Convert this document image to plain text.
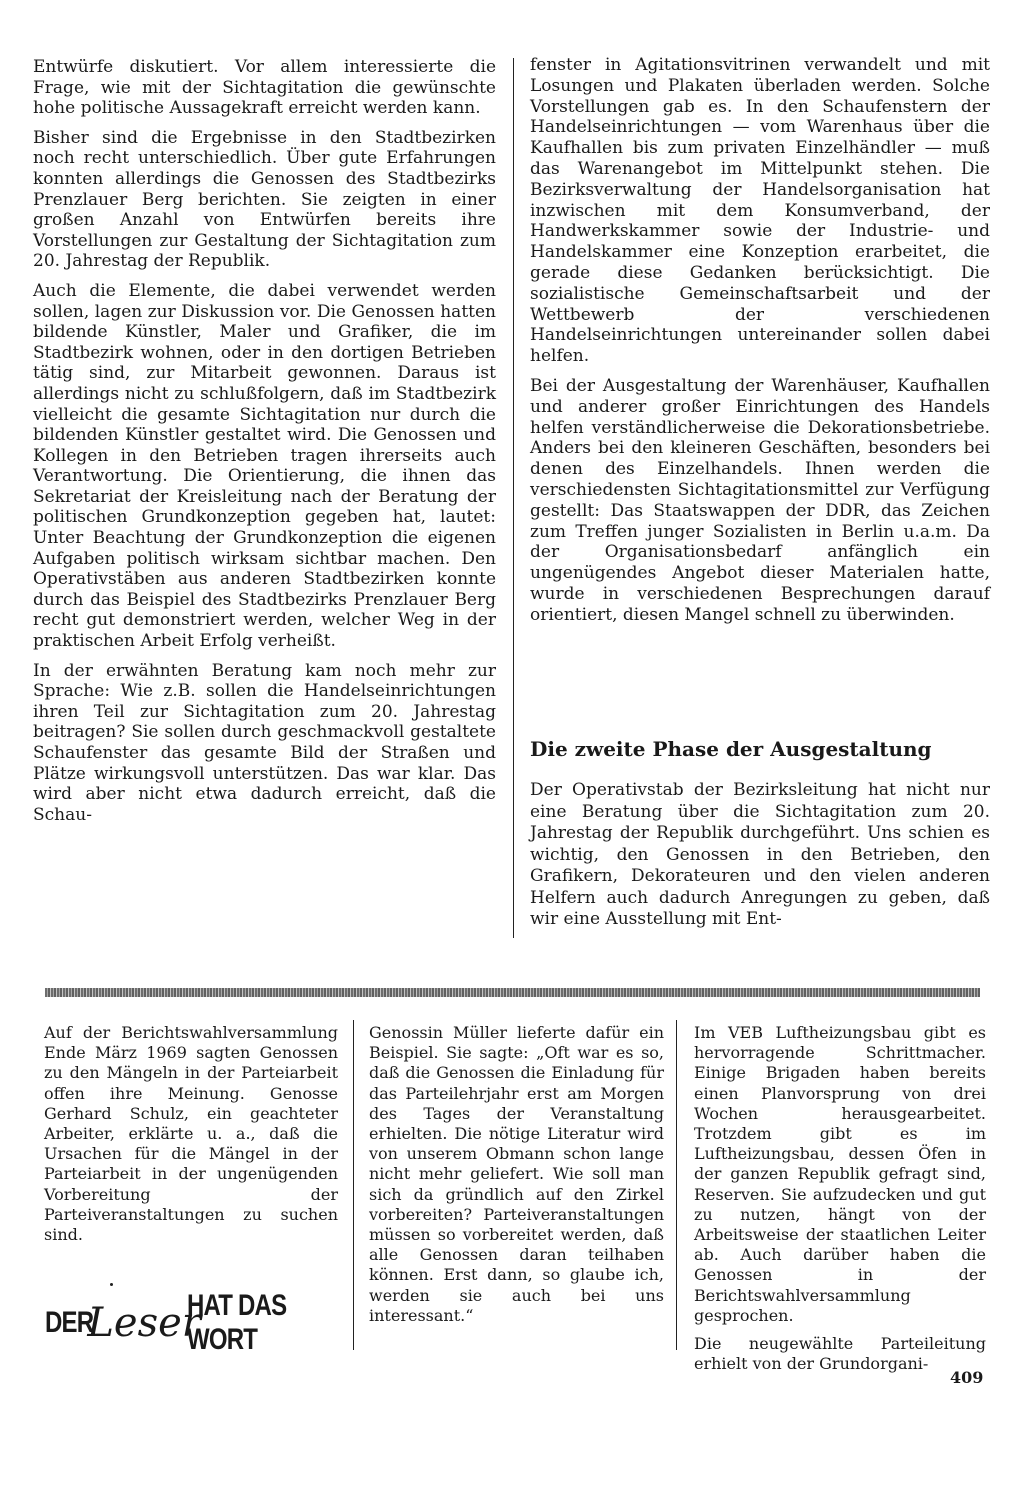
Entwürfe diskutiert. Vor allem interessierte die Frage, wie mit der Sichtagitation die gewünschte hohe politische Aussagekraft erreicht werden kann.

Bisher sind die Ergebnisse in den Stadtbezirken noch recht unterschiedlich. Über gute Erfahrungen konnten allerdings die Genossen des Stadtbezirks Prenzlauer Berg berichten. Sie zeigten in einer großen Anzahl von Entwürfen bereits ihre Vorstellungen zur Gestaltung der Sichtagitation zum 20. Jahrestag der Republik.

Auch die Elemente, die dabei verwendet werden sollen, lagen zur Diskussion vor. Die Genossen hatten bildende Künstler, Maler und Grafiker, die im Stadtbezirk wohnen, oder in den dortigen Betrieben tätig sind, zur Mitarbeit gewonnen. Daraus ist allerdings nicht zu schlußfolgern, daß im Stadtbezirk vielleicht die gesamte Sichtagitation nur durch die bildenden Künstler gestaltet wird. Die Genossen und Kollegen in den Betrieben tragen ihrerseits auch Verantwortung. Die Orientierung, die ihnen das Sekretariat der Kreisleitung nach der Beratung der politischen Grundkonzeption gegeben hat, lautet: Unter Beachtung der Grundkonzeption die eigenen Aufgaben politisch wirksam sichtbar machen. Den Operativstäben aus anderen Stadtbezirken konnte durch das Beispiel des Stadtbezirks Prenzlauer Berg recht gut demonstriert werden, welcher Weg in der praktischen Arbeit Erfolg verheißt.

In der erwähnten Beratung kam noch mehr zur Sprache: Wie z.B. sollen die Handelseinrichtungen ihren Teil zur Sichtagitation zum 20. Jahrestag beitragen? Sie sollen durch geschmackvoll gestaltete Schaufenster das gesamte Bild der Straßen und Plätze wirkungsvoll unterstützen. Das war klar. Das wird aber nicht etwa dadurch erreicht, daß die Schau-

fenster in Agitationsvitrinen verwandelt und mit Losungen und Plakaten überladen werden. Solche Vorstellungen gab es. In den Schaufenstern der Handelseinrichtungen — vom Warenhaus über die Kaufhallen bis zum privaten Einzelhändler — muß das Warenangebot im Mittelpunkt stehen. Die Bezirksverwaltung der Handelsorganisation hat inzwischen mit dem Konsumverband, der Handwerkskammer sowie der Industrie- und Handelskammer eine Konzeption erarbeitet, die gerade diese Gedanken berücksichtigt. Die sozialistische Gemeinschaftsarbeit und der Wettbewerb der verschiedenen Handelseinrichtungen untereinander sollen dabei helfen.

Bei der Ausgestaltung der Warenhäuser, Kaufhallen und anderer großer Einrichtungen des Handels helfen verständlicherweise die Dekorationsbetriebe. Anders bei den kleineren Geschäften, besonders bei denen des Einzelhandels. Ihnen werden die verschiedensten Sichtagitationsmittel zur Verfügung gestellt: Das Staatswappen der DDR, das Zeichen zum Treffen junger Sozialisten in Berlin u.a.m. Da der Organisationsbedarf anfänglich ein ungenügendes Angebot dieser Materialen hatte, wurde in verschiedenen Besprechungen darauf orientiert, diesen Mangel schnell zu überwinden.

Die zweite Phase der Ausgestaltung

Der Operativstab der Bezirksleitung hat nicht nur eine Beratung über die Sichtagitation zum 20. Jahrestag der Republik durchgeführt. Uns schien es wichtig, den Genossen in den Betrieben, den Grafikern, Dekorateuren und den vielen anderen Helfern auch dadurch Anregungen zu geben, daß wir eine Ausstellung mit Ent-

Auf der Berichtswahlversammlung Ende März 1969 sagten Genossen zu den Mängeln in der Parteiarbeit offen ihre Meinung. Genosse Gerhard Schulz, ein geachteter Arbeiter, erklärte u. a., daß die Ursachen für die Mängel in der Parteiarbeit in der ungenügenden Vorbereitung der Parteiveranstaltungen zu suchen sind.

Genossin Müller lieferte dafür ein Beispiel. Sie sagte: „Oft war es so, daß die Genossen die Einladung für das Parteilehrjahr erst am Morgen des Tages der Veranstaltung erhielten. Die nötige Literatur wird von unserem Obmann schon lange nicht mehr geliefert. Wie soll man sich da gründlich auf den Zirkel vorbereiten? Parteiveranstaltungen müssen so vorbereitet werden, daß alle Genossen daran teilhaben können. Erst dann, so glaube ich, werden sie auch bei uns interessant.“

Im VEB Luftheizungsbau gibt es hervorragende Schrittmacher. Einige Brigaden haben bereits einen Planvorsprung von drei Wochen herausgearbeitet. Trotzdem gibt es im Luftheizungsbau, dessen Öfen in der ganzen Republik gefragt sind, Reserven. Sie aufzudecken und gut zu nutzen, hängt von der Arbeitsweise der staatlichen Leiter ab. Auch darüber haben die Genossen in der Berichtswahlversammlung gesprochen.

Die neugewählte Parteileitung erhielt von der Grundorgani-

DER
Leser
HAT DAS WORT
409
